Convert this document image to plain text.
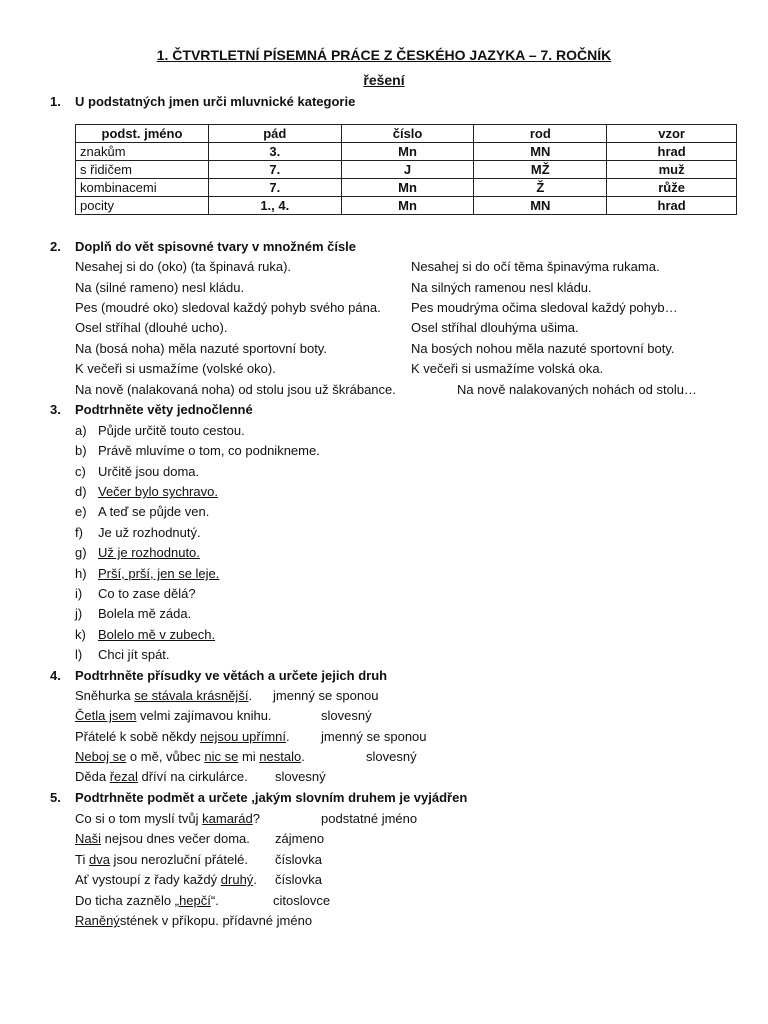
1. ČTVRTLETNÍ PÍSEMNÁ PRÁCE Z ČESKÉHO JAZYKA – 7. ROČNÍK
řešení
1. U podstatných jmen urči mluvnické kategorie
podst. jméno	pád	číslo	rod	vzor
znakům	3.	Mn	MN	hrad
s řidičem	7.	J	MŽ	muž
kombinacemi	7.	Mn	Ž	růže
pocity	1., 4.	Mn	MN	hrad
2. Doplň do vět spisovné tvary v množném čísle
Nesahej si do (oko) (ta špinavá ruka).	Nesahej si do očí těma špinavýma rukama.
Na (silné rameno) nesl kládu.	Na silných ramenou nesl kládu.
Pes (moudré oko) sledoval každý pohyb svého pána. Pes moudrýma očima sledoval každý pohyb…
Osel stříhal (dlouhé ucho).	Osel stříhal dlouhýma ušima.
Na (bosá noha) měla nazuté sportovní boty.	Na bosých nohou měla nazuté sportovní boty.
K večeři si usmažíme (volské oko).	K večeři si usmažíme volská oka.
Na nově (nalakovaná noha) od stolu jsou už škrábance.	Na nově nalakovaných nohách od stolu…
3. Podtrhněte věty jednočlenné
a) Půjde určitě touto cestou.
b) Právě mluvíme o tom, co podnikneme.
c) Určitě jsou doma.
d) Večer bylo sychravo.
e) A teď se půjde ven.
f) Je už rozhodnutý.
g) Už je rozhodnuto.
h) Prší, prší, jen se leje.
i) Co to zase dělá?
j) Bolela mě záda.
k) Bolelo mě v zubech.
l) Chci jít spát.
4. Podtrhněte přísudky ve větách a určete jejich druh
Sněhurka se stávala krásnější. jmenný se sponou
Četla jsem velmi zajímavou knihu.	slovesný
Přátelé k sobě někdy nejsou upřímní. jmenný se sponou
Neboj se o mě, vůbec nic se mi nestalo.	slovesný
Děda řezal dříví na cirkulárce. slovesný
5. Podtrhněte podmět a určete ,jakým slovním druhem je vyjádřen
Co si o tom myslí tvůj kamarád?	podstatné jméno
Naši nejsou dnes večer doma. zájmeno
Ti dva jsou nerozluční přátelé. číslovka
Ať vystoupí z řady každý druhý. číslovka
Do ticha zaznělo „hepčí“.	citoslovce
Raněnýstének v příkopu. přídavné jméno
